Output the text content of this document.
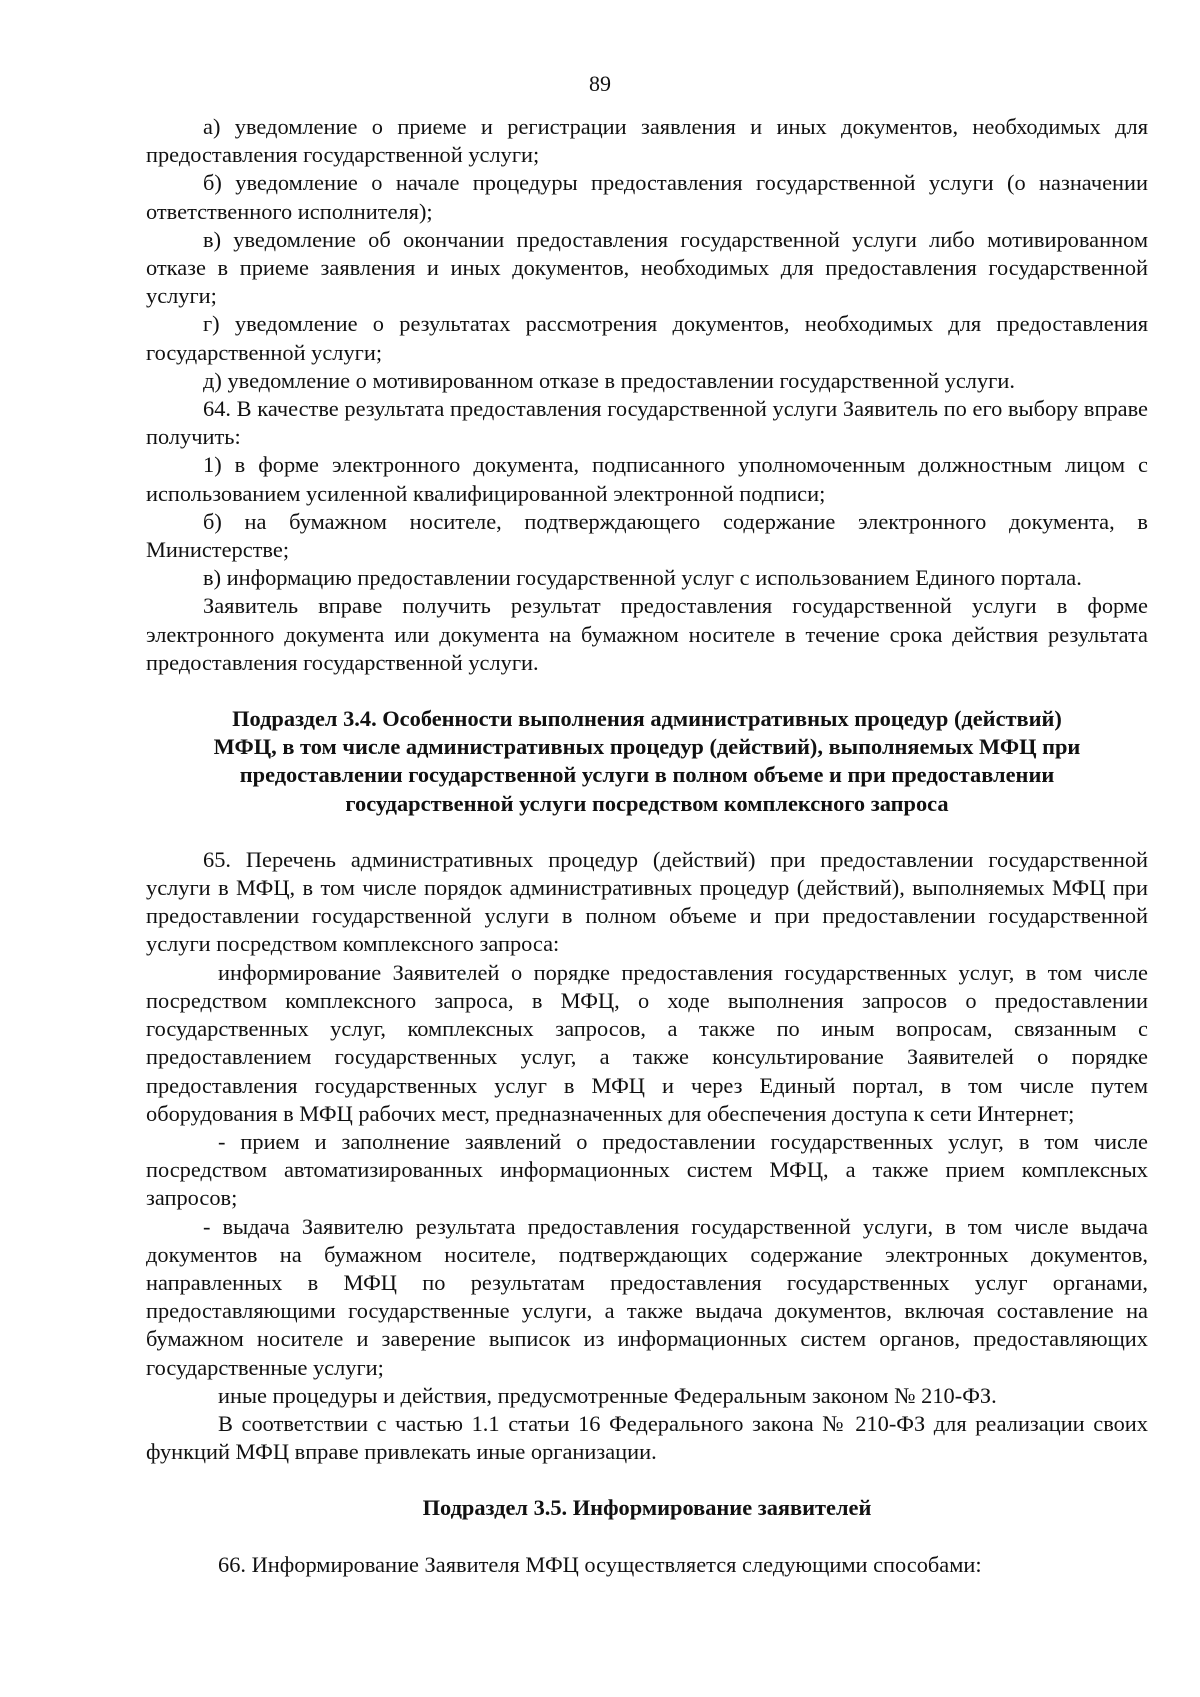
89

а) уведомление о приеме и регистрации заявления и иных документов, необходимых для предоставления государственной услуги;

б) уведомление о начале процедуры предоставления государственной услуги (о назначении ответственного исполнителя);

в) уведомление об окончании предоставления государственной услуги либо мотивированном отказе в приеме заявления и иных документов, необходимых для предоставления государственной услуги;

г) уведомление о результатах рассмотрения документов, необходимых для предоставления государственной услуги;

д) уведомление о мотивированном отказе в предоставлении государственной услуги.

64. В качестве результата предоставления государственной услуги Заявитель по его выбору вправе получить:

1) в форме электронного документа, подписанного уполномоченным должностным лицом с использованием усиленной квалифицированной электронной подписи;

б) на бумажном носителе, подтверждающего содержание электронного документа, в Министерстве;

в) информацию предоставлении государственной услуг с использованием Единого портала.

Заявитель вправе получить результат предоставления государственной услуги в форме электронного документа или документа на бумажном носителе в течение срока действия результата предоставления государственной услуги.

Подраздел 3.4. Особенности выполнения административных процедур (действий)
МФЦ, в том числе административных процедур (действий), выполняемых МФЦ при
предоставлении государственной услуги в полном объеме и при предоставлении
государственной услуги посредством комплексного запроса

65. Перечень административных процедур (действий) при предоставлении государственной услуги в МФЦ, в том числе порядок административных процедур (действий), выполняемых МФЦ при предоставлении государственной услуги в полном объеме и при предоставлении государственной услуги посредством комплексного запроса:

информирование Заявителей о порядке предоставления государственных услуг, в том числе посредством комплексного запроса, в МФЦ, о ходе выполнения запросов о предоставлении государственных услуг, комплексных запросов, а также по иным вопросам, связанным с предоставлением государственных услуг, а также консультирование Заявителей о порядке предоставления государственных услуг в МФЦ и через Единый портал, в том числе путем оборудования в МФЦ рабочих мест, предназначенных для обеспечения доступа к сети Интернет;

- прием и заполнение заявлений о предоставлении государственных услуг, в том числе посредством автоматизированных информационных систем МФЦ, а также прием комплексных запросов;

- выдача Заявителю результата предоставления государственной услуги, в том числе выдача документов на бумажном носителе, подтверждающих содержание электронных документов, направленных в МФЦ по результатам предоставления государственных услуг органами, предоставляющими государственные услуги, а также выдача документов, включая составление на бумажном носителе и заверение выписок из информационных систем органов, предоставляющих государственные услуги;

иные процедуры и действия, предусмотренные Федеральным законом № 210-ФЗ.

В соответствии с частью 1.1 статьи 16 Федерального закона № 210-ФЗ для реализации своих функций МФЦ вправе привлекать иные организации.

Подраздел 3.5. Информирование заявителей

66. Информирование Заявителя МФЦ осуществляется следующими способами:
